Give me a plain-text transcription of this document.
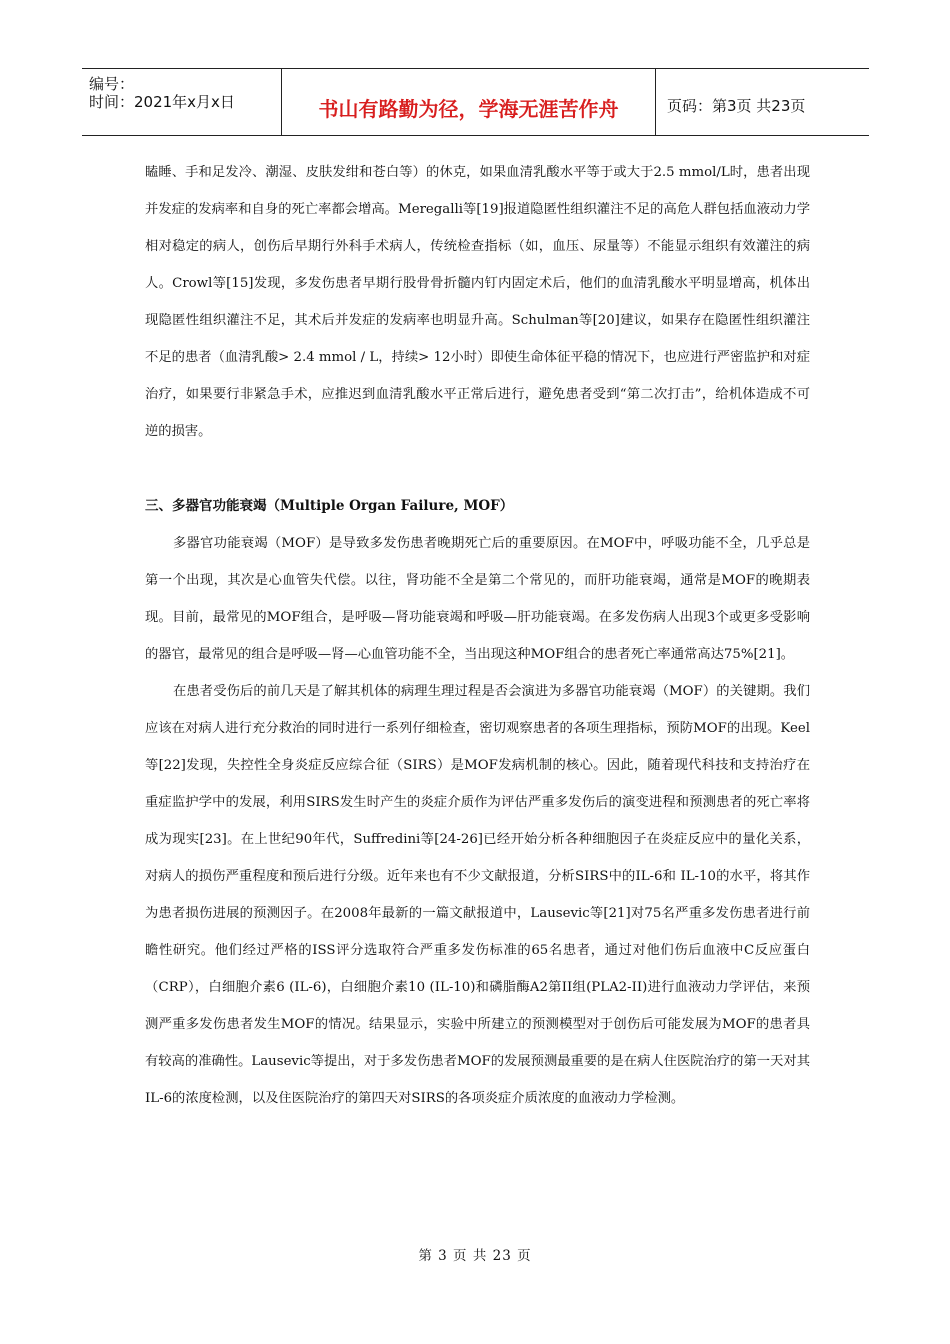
编号：
时间：2021年x月x日	书山有路勤为径，学海无涯苦作舟	页码：第3页 共23页

瞌睡、手和足发冷、潮湿、皮肤发绀和苍白等）的休克，如果血清乳酸水平等于或大于2.5 mmol/L时，患者出现并发症的发病率和自身的死亡率都会增高。Meregalli等[19]报道隐匿性组织灌注不足的高危人群包括血液动力学相对稳定的病人，创伤后早期行外科手术病人，传统检查指标（如，血压、尿量等）不能显示组织有效灌注的病人。Crowl等[15]发现，多发伤患者早期行股骨骨折髓内钉内固定术后，他们的血清乳酸水平明显增高，机体出现隐匿性组织灌注不足，其术后并发症的发病率也明显升高。Schulman等[20]建议，如果存在隐匿性组织灌注不足的患者（血清乳酸> 2.4 mmol / L，持续> 12小时）即使生命体征平稳的情况下，也应进行严密监护和对症治疗，如果要行非紧急手术，应推迟到血清乳酸水平正常后进行，避免患者受到“第二次打击”，给机体造成不可逆的损害。

三、多器官功能衰竭（Multiple Organ Failure, MOF）

多器官功能衰竭（MOF）是导致多发伤患者晚期死亡后的重要原因。在MOF中，呼吸功能不全，几乎总是第一个出现，其次是心血管失代偿。以往，肾功能不全是第二个常见的，而肝功能衰竭，通常是MOF的晚期表现。目前，最常见的MOF组合，是呼吸—肾功能衰竭和呼吸—肝功能衰竭。在多发伤病人出现3个或更多受影响的器官，最常见的组合是呼吸—肾—心血管功能不全，当出现这种MOF组合的患者死亡率通常高达75%[21]。

在患者受伤后的前几天是了解其机体的病理生理过程是否会演进为多器官功能衰竭（MOF）的关键期。我们应该在对病人进行充分救治的同时进行一系列仔细检查，密切观察患者的各项生理指标，预防MOF的出现。Keel 等[22]发现，失控性全身炎症反应综合征（SIRS）是MOF发病机制的核心。因此，随着现代科技和支持治疗在重症监护学中的发展，利用SIRS发生时产生的炎症介质作为评估严重多发伤后的演变进程和预测患者的死亡率将成为现实[23]。在上世纪90年代，Suffredini等[24-26]已经开始分析各种细胞因子在炎症反应中的量化关系，对病人的损伤严重程度和预后进行分级。近年来也有不少文献报道，分析SIRS中的IL-6和 IL-10的水平，将其作为患者损伤进展的预测因子。在2008年最新的一篇文献报道中，Lausevic等[21]对75名严重多发伤患者进行前瞻性研究。他们经过严格的ISS评分选取符合严重多发伤标准的65名患者，通过对他们伤后血液中C反应蛋白（CRP），白细胞介素6 (IL-6)，白细胞介素10 (IL-10)和磷脂酶A2第II组(PLA2-II)进行血液动力学评估，来预测严重多发伤患者发生MOF的情况。结果显示，实验中所建立的预测模型对于创伤后可能发展为MOF的患者具有较高的准确性。Lausevic等提出，对于多发伤患者MOF的发展预测最重要的是在病人住医院治疗的第一天对其IL-6的浓度检测，以及住医院治疗的第四天对SIRS的各项炎症介质浓度的血液动力学检测。

第 3 页 共 23 页
